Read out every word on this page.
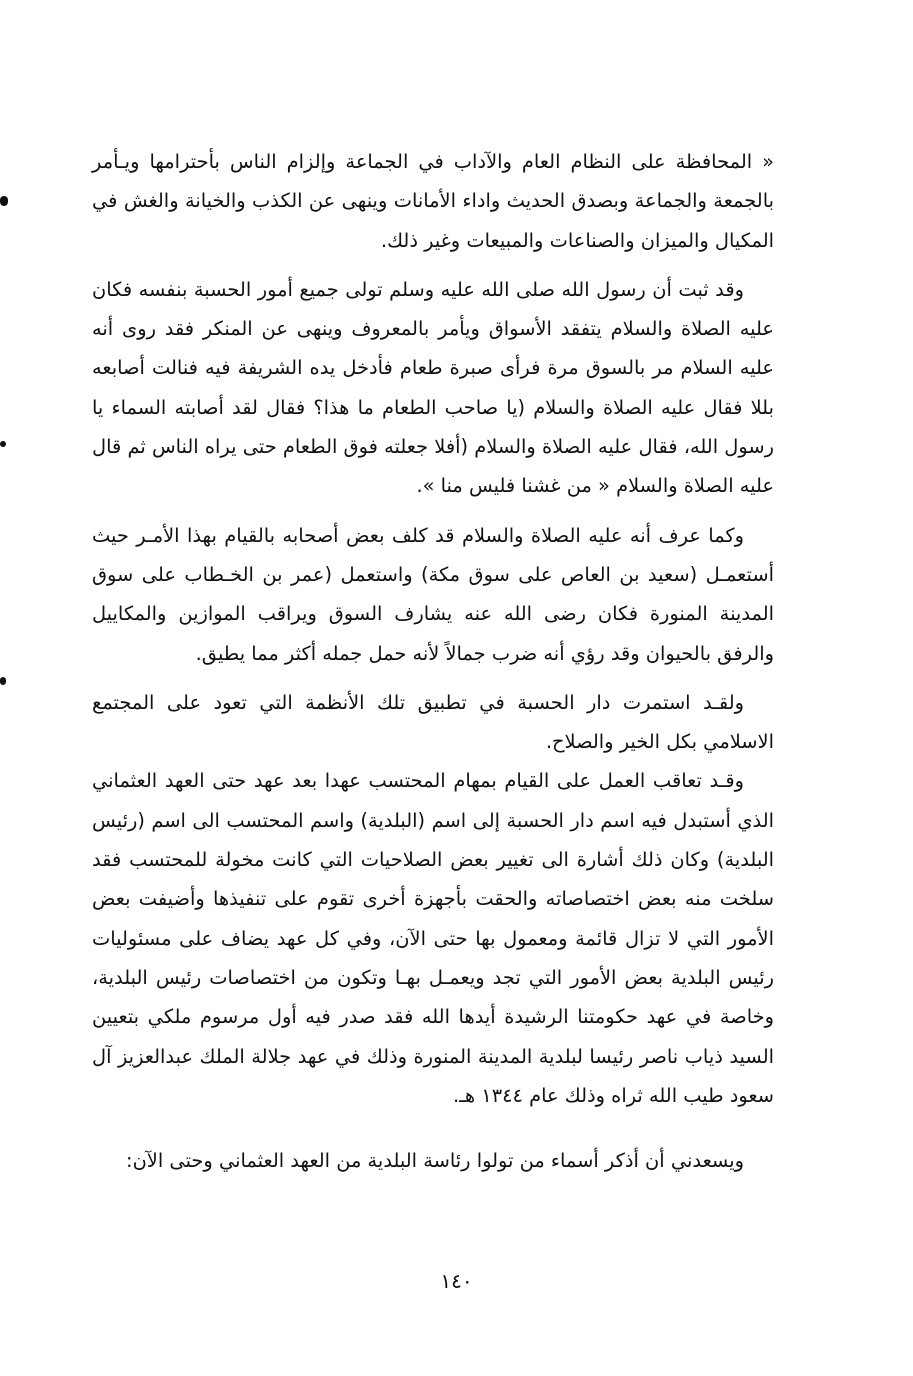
« المحافظة على النظام العام والآداب في الجماعة وإلزام الناس بأحترامها ويـأمر بالجمعة والجماعة وبصدق الحديث واداء الأمانات وينهى عن الكذب والخيانة والغش في المكيال والميزان والصناعات والمبيعات وغير ذلك.

وقد ثبت أن رسول الله صلى الله عليه وسلم تولى جميع أمور الحسبة بنفسه فكان عليه الصلاة والسلام يتفقد الأسواق ويأمر بالمعروف وينهى عن المنكر فقد روى أنه عليه السلام مر بالسوق مرة فرأى صبرة طعام فأدخل يده الشريفة فيه فنالت أصابعه بللا فقال عليه الصلاة والسلام (يا صاحب الطعام ما هذا؟ فقال لقد أصابته السماء يا رسول الله، فقال عليه الصلاة والسلام (أفلا جعلته فوق الطعام حتى يراه الناس ثم قال عليه الصلاة والسلام « من غشنا فليس منا ».

وكما عرف أنه عليه الصلاة والسلام قد كلف بعض أصحابه بالقيام بهذا الأمـر حيث أستعمـل (سعيد بن العاص على سوق مكة) واستعمل (عمر بن الخـطاب على سوق المدينة المنورة فكان رضى الله عنه يشارف السوق ويراقب الموازين والمكاييل والرفق بالحيوان وقد رؤي أنه ضرب جمالاً لأنه حمل جمله أكثر مما يطيق.

ولقـد استمرت دار الحسبة في تطبيق تلك الأنظمة التي تعود على المجتمع الاسلامي بكل الخير والصلاح.

وقـد تعاقب العمل على القيام بمهام المحتسب عهدا بعد عهد حتى العهد العثماني الذي أستبدل فيه اسم دار الحسبة إلى اسم (البلدية) واسم المحتسب الى اسم (رئيس البلدية) وكان ذلك أشارة الى تغيير بعض الصلاحيات التي كانت مخولة للمحتسب فقد سلخت منه بعض اختصاصاته والحقت بأجهزة أخرى تقوم على تنفيذها وأضيفت بعض الأمور التي لا تزال قائمة ومعمول بها حتى الآن، وفي كل عهد يضاف على مسئوليات رئيس البلدية بعض الأمور التي تجد ويعمـل بهـا وتكون من اختصاصات رئيس البلدية، وخاصة في عهد حكومتنا الرشيدة أيدها الله فقد صدر فيه أول مرسوم ملكي بتعيين السيد ذياب ناصر رئيسا لبلدية المدينة المنورة وذلك في عهد جلالة الملك عبدالعزيز آل سعود طيب الله ثراه وذلك عام ١٣٤٤ هـ.

ويسعدني أن أذكر أسماء من تولوا رئاسة البلدية من العهد العثماني وحتى الآن:

١٤٠
